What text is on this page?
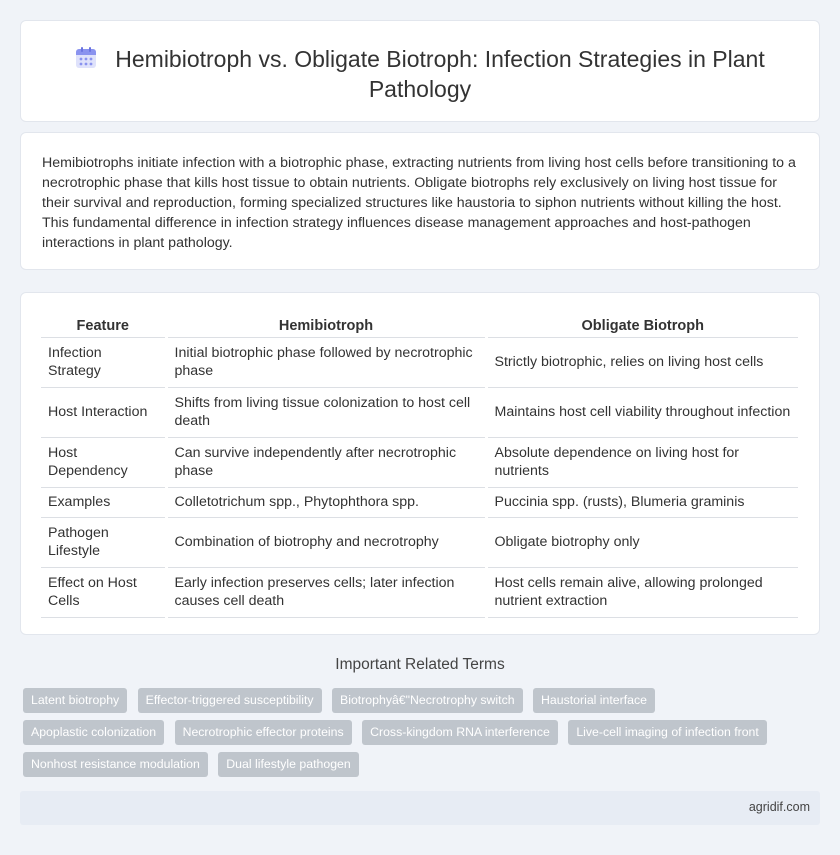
Hemibiotroph vs. Obligate Biotroph: Infection Strategies in Plant Pathology

Hemibiotrophs initiate infection with a biotrophic phase, extracting nutrients from living host cells before transitioning to a necrotrophic phase that kills host tissue to obtain nutrients. Obligate biotrophs rely exclusively on living host tissue for their survival and reproduction, forming specialized structures like haustoria to siphon nutrients without killing the host. This fundamental difference in infection strategy influences disease management approaches and host-pathogen interactions in plant pathology.

Feature	Hemibiotroph	Obligate Biotroph
Infection Strategy	Initial biotrophic phase followed by necrotrophic phase	Strictly biotrophic, relies on living host cells
Host Interaction	Shifts from living tissue colonization to host cell death	Maintains host cell viability throughout infection
Host Dependency	Can survive independently after necrotrophic phase	Absolute dependence on living host for nutrients
Examples	Colletotrichum spp., Phytophthora spp.	Puccinia spp. (rusts), Blumeria graminis
Pathogen Lifestyle	Combination of biotrophy and necrotrophy	Obligate biotrophy only
Effect on Host Cells	Early infection preserves cells; later infection causes cell death	Host cells remain alive, allowing prolonged nutrient extraction
Important Related Terms
Latent biotrophy Effector-triggered susceptibility Biotrophyâ€"Necrotrophy switch Haustorial interface Apoplastic colonization Necrotrophic effector proteins Cross-kingdom RNA interference Live-cell imaging of infection front Nonhost resistance modulation Dual lifestyle pathogen
agridif.com
